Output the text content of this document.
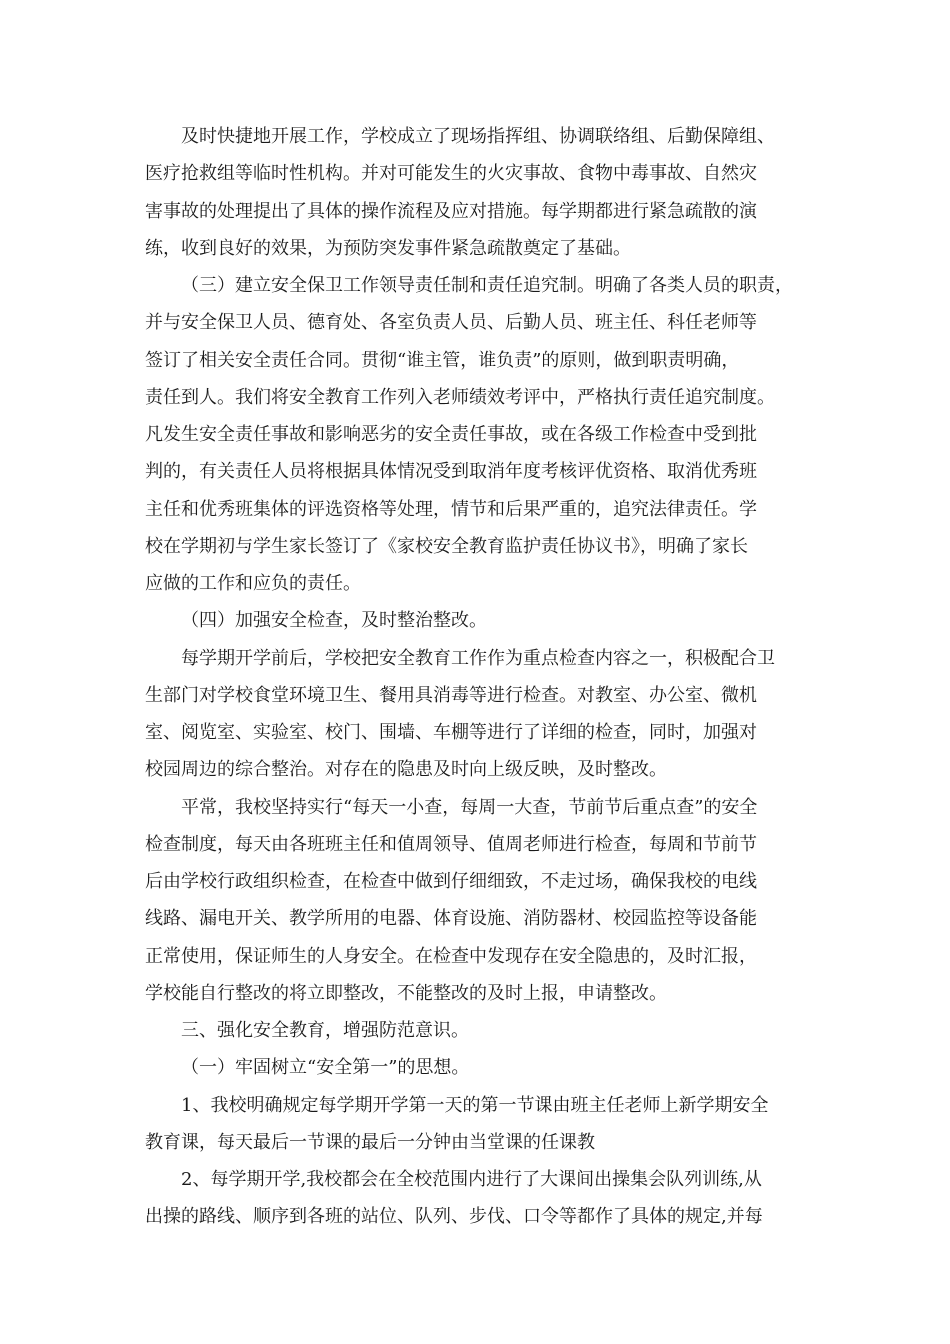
及时快捷地开展工作，学校成立了现场指挥组、协调联络组、后勤保障组、
医疗抢救组等临时性机构。并对可能发生的火灾事故、食物中毒事故、自然灾
害事故的处理提出了具体的操作流程及应对措施。每学期都进行紧急疏散的演
练，收到良好的效果，为预防突发事件紧急疏散奠定了基础。
（三）建立安全保卫工作领导责任制和责任追究制。明确了各类人员的职责，
并与安全保卫人员、德育处、各室负责人员、后勤人员、班主任、科任老师等
签订了相关安全责任合同。贯彻“谁主管，谁负责”的原则，做到职责明确，
责任到人。我们将安全教育工作列入老师绩效考评中，严格执行责任追究制度。
凡发生安全责任事故和影响恶劣的安全责任事故，或在各级工作检查中受到批
判的，有关责任人员将根据具体情况受到取消年度考核评优资格、取消优秀班
主任和优秀班集体的评选资格等处理，情节和后果严重的，追究法律责任。学
校在学期初与学生家长签订了《家校安全教育监护责任协议书》，明确了家长
应做的工作和应负的责任。
（四）加强安全检查，及时整治整改。
每学期开学前后，学校把安全教育工作作为重点检查内容之一，积极配合卫
生部门对学校食堂环境卫生、餐用具消毒等进行检查。对教室、办公室、微机
室、阅览室、实验室、校门、围墙、车棚等进行了详细的检查，同时，加强对
校园周边的综合整治。对存在的隐患及时向上级反映，及时整改。
平常，我校坚持实行“每天一小查，每周一大查，节前节后重点查”的安全
检查制度，每天由各班班主任和值周领导、值周老师进行检查，每周和节前节
后由学校行政组织检查，在检查中做到仔细细致，不走过场，确保我校的电线
线路、漏电开关、教学所用的电器、体育设施、消防器材、校园监控等设备能
正常使用，保证师生的人身安全。在检查中发现存在安全隐患的，及时汇报，
学校能自行整改的将立即整改，不能整改的及时上报，申请整改。
三、强化安全教育，增强防范意识。
（一）牢固树立“安全第一”的思想。
1、我校明确规定每学期开学第一天的第一节课由班主任老师上新学期安全
教育课，每天最后一节课的最后一分钟由当堂课的任课教
2、每学期开学,我校都会在全校范围内进行了大课间出操集会队列训练,从
出操的路线、顺序到各班的站位、队列、步伐、口令等都作了具体的规定,并每
